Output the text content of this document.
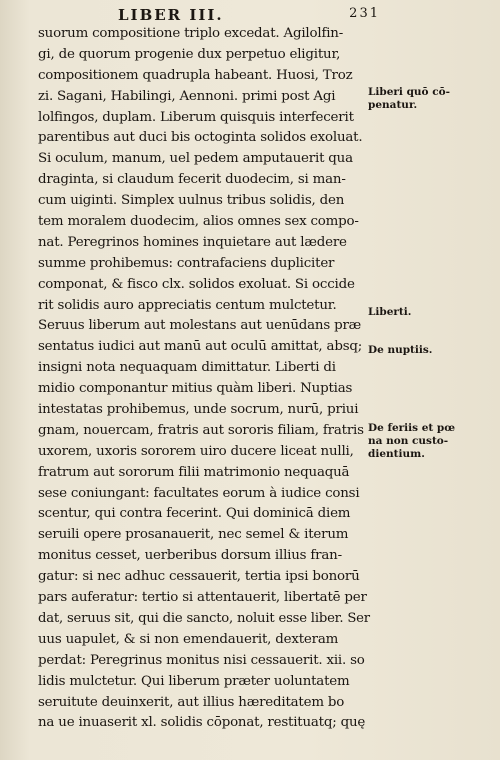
LIBER III.	231
suorum compositione triplo excedat. Agilolfin-
gi, de quorum progenie dux perpetuo eligitur,
compositionem quadrupla habeant. Huosi, Troz
zi. Sagani, Habilingi, Aennoni. primi post Agi
lolfingos, duplam. Liberum quisquis interfecerit
parentibus aut duci bis octoginta solidos exoluat.
Si oculum, manum, uel pedem amputauerit qua
draginta, si claudum fecerit duodecim, si man-
cum uiginti. Simplex uulnus tribus solidis, den
tem moralem duodecim, alios omnes sex compo-
nat. Peregrinos homines inquietare aut lædere
summe prohibemus: contrafaciens dupliciter
componat, & fisco clx. solidos exoluat. Si occide
rit solidis auro appreciatis centum mulctetur.
Seruus liberum aut molestans aut uenūdans præ
sentatus iudici aut manū aut oculū amittat, absq;
insigni nota nequaquam dimittatur. Liberti di
midio componantur mitius quàm liberi. Nuptias
intestatas prohibemus, unde socrum, nurū, priui
gnam, nouercam, fratris aut sororis filiam, fratris
uxorem, uxoris sororem uiro ducere liceat nulli,
fratrum aut sororum filii matrimonio nequaquā
sese coniungant: facultates eorum à iudice consi
scentur, qui contra fecerint. Qui dominicā diem
seruili opere prosanauerit, nec semel & iterum
monitus cesset, uerberibus dorsum illius fran-
gatur: si nec adhuc cessauerit, tertia ipsi bonorū
pars auferatur: tertio si attentauerit, libertatē per
dat, seruus sit, qui die sancto, noluit esse liber. Ser
uus uapulet, & si non emendauerit, dexteram
perdat: Peregrinus monitus nisi cessauerit. xii. so
lidis mulctetur. Qui liberum præter uoluntatem
seruitute deuinxerit, aut illius hæreditatem bo
na ue inuaserit xl. solidis cōponat, restituatq; quę
Liberi quō cō-
penatur.
Liberti.
De nuptiis.
De feriis et pœ
na non custo-
dientium.
